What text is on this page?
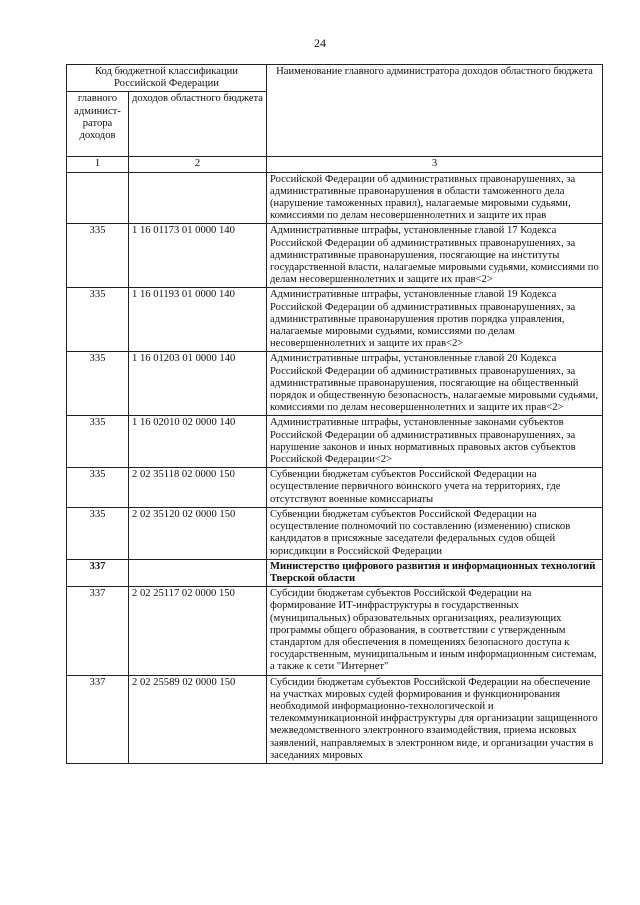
24
Код бюджетной классификации Российской Федерации		Наименование главного администратора доходов областного бюджета
главного админист-ратора доходов	доходов областного бюджета	
1	2	3
		Российской Федерации об административных правонарушениях, за административные правонарушения в области таможенного дела (нарушение таможенных правил), налагаемые мировыми судьями, комиссиями по делам несовершеннолетних и защите их прав
335	1 16 01173 01 0000 140	Административные штрафы, установленные главой 17 Кодекса Российской Федерации об административных правонарушениях, за административные правонарушения, посягающие на институты государственной власти, налагаемые мировыми судьями, комиссиями по делам несовершеннолетних и защите их прав<2>
335	1 16 01193 01 0000 140	Административные штрафы, установленные главой 19 Кодекса Российской Федерации об административных правонарушениях, за административные правонарушения против порядка управления, налагаемые мировыми судьями, комиссиями по делам несовершеннолетних и защите их прав<2>
335	1 16 01203 01 0000 140	Административные штрафы, установленные главой 20 Кодекса Российской Федерации об административных правонарушениях, за административные правонарушения, посягающие на общественный порядок и общественную безопасность, налагаемые мировыми судьями, комиссиями по делам несовершеннолетних и защите их прав<2>
335	1 16 02010 02 0000 140	Административные штрафы, установленные законами субъектов Российской Федерации об административных правонарушениях, за нарушение законов и иных нормативных правовых актов субъектов Российской Федерации<2>
335	2 02 35118 02 0000 150	Субвенции бюджетам субъектов Российской Федерации на осуществление первичного воинского учета на территориях, где отсутствуют военные комиссариаты
335	2 02 35120 02 0000 150	Субвенции бюджетам субъектов Российской Федерации на осуществление полномочий по составлению (изменению) списков кандидатов в присяжные заседатели федеральных судов общей юрисдикции в Российской Федерации
337		Министерство цифрового развития и информационных технологий Тверской области
337	2 02 25117 02 0000 150	Субсидии бюджетам субъектов Российской Федерации на формирование ИТ-инфраструктуры в государственных (муниципальных) образовательных организациях, реализующих программы общего образования, в соответствии с утвержденным стандартом для обеспечения в помещениях безопасного доступа к государственным, муниципальным и иным информационным системам, а также к сети "Интернет"
337	2 02 25589 02 0000 150	Субсидии бюджетам субъектов Российской Федерации на обеспечение на участках мировых судей формирования и функционирования необходимой информационно-технологической и телекоммуникационной инфраструктуры для организации защищенного межведомственного электронного взаимодействия, приема исковых заявлений, направляемых в электронном виде, и организации участия в заседаниях мировых
